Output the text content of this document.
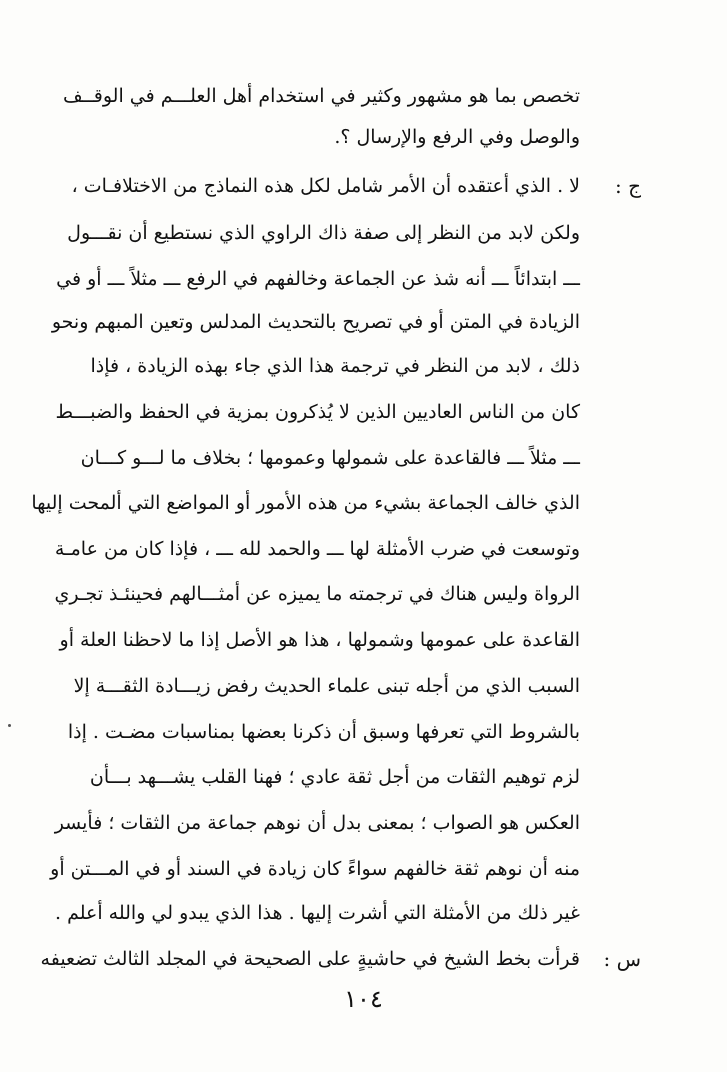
تخصص بما هو مشهور وكثير في استخدام أهل العلـــم في الوقــف
والوصل وفي الرفع والإرسال ؟.
ج :
لا . الذي أعتقده أن الأمر شامل لكل هذه النماذج من الاختلافـات ،
ولكن لابد من النظر إلى صفة ذاك الراوي الذي نستطيع أن نقـــول
ـــ ابتدائاً ـــ أنه شذ عن الجماعة وخالفهم في الرفع ـــ مثلاً ـــ أو في
الزيادة في المتن أو في تصريح بالتحديث المدلس وتعين المبهم ونحو
ذلك ، لابد من النظر في ترجمة هذا الذي جاء بهذه الزيادة ، فإذا
كان من الناس العاديين الذين لا يُذكرون بمزية في الحفظ والضبـــط
ـــ مثلاً ـــ فالقاعدة على شمولها وعمومها ؛ بخلاف ما لـــو كـــان
الذي خالف الجماعة بشيء من هذه الأمور أو المواضع التي ألمحت إليها
وتوسعت في ضرب الأمثلة لها ـــ والحمد لله ـــ ، فإذا كان من عامـة
الرواة وليس هناك في ترجمته ما يميزه عن أمثـــالهم فحينئـذ تجـري
القاعدة على عمومها وشمولها ، هذا هو الأصل إذا ما لاحظنا العلة أو
السبب الذي من أجله تبنى علماء الحديث رفض زيـــادة الثقـــة إلا
بالشروط التي تعرفها وسبق أن ذكرنا بعضها بمناسبات مضـت . إذا
لزم توهيم الثقات من أجل ثقة عادي ؛ فهنا القلب يشـــهد بـــأن
العكس هو الصواب ؛ بمعنى بدل أن نوهم جماعة من الثقات ؛ فأيسر
منه أن نوهم ثقة خالفهم سواءً كان زيادة في السند أو في المـــتن أو
غير ذلك من الأمثلة التي أشرت إليها . هذا الذي يبدو لي والله أعلم .
س :
قرأت بخط الشيخ في حاشيةٍ على الصحيحة في المجلد الثالث تضعيفه
١٠٤
